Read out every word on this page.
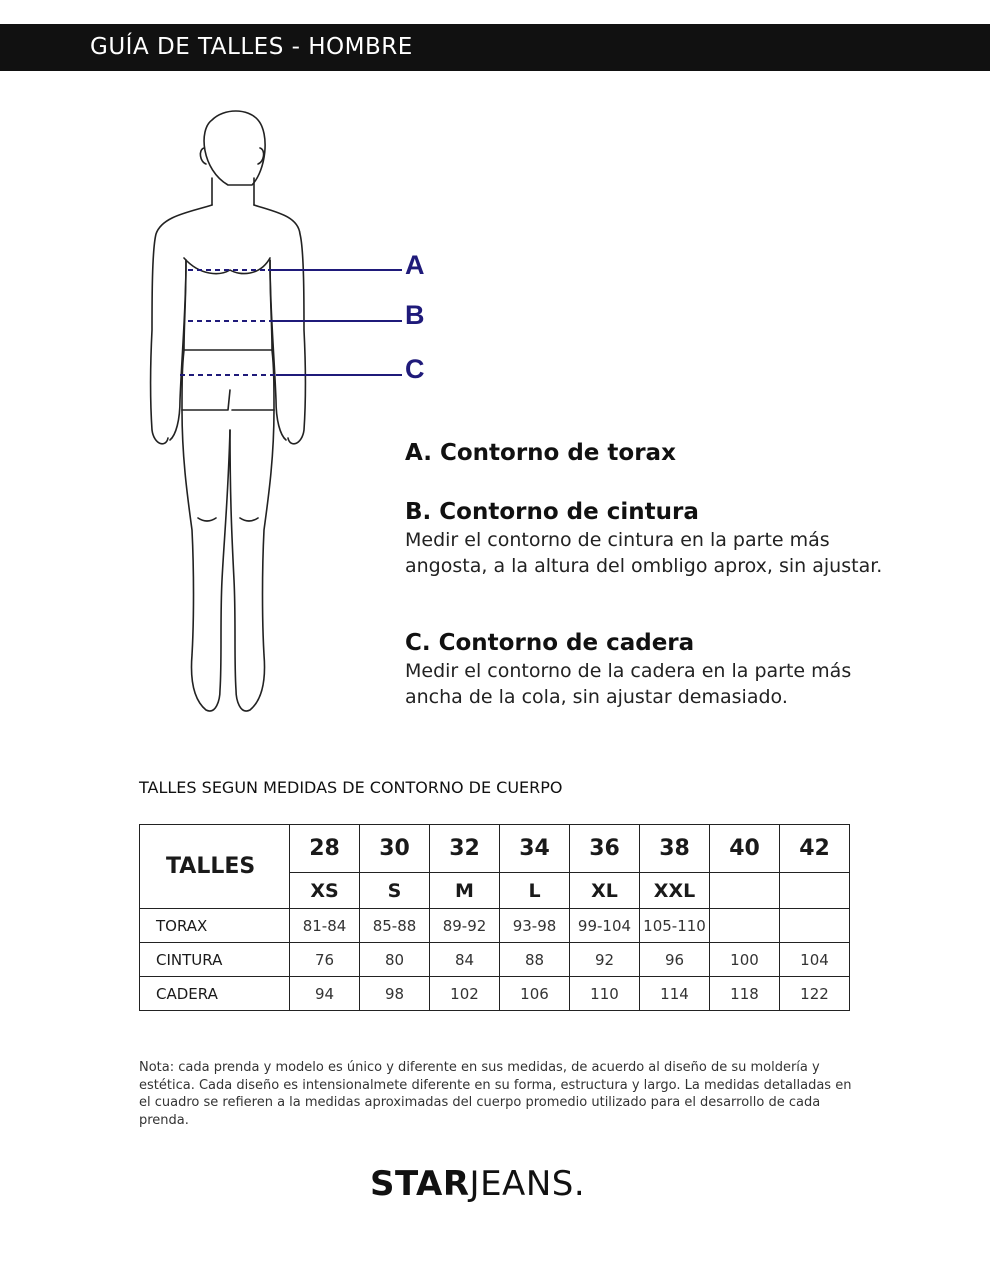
GUÍA DE TALLES - HOMBRE
A
B
C
A. Contorno de torax
B. Contorno de cintura

Medir el contorno de cintura en la parte más angosta, a la altura del ombligo aprox, sin ajustar.

C. Contorno de cadera

Medir el contorno de la cadera en la parte más ancha de la cola, sin ajustar demasiado.

TALLES SEGUN MEDIDAS DE CONTORNO DE CUERPO
TALLES	28	30	32	34	36	38	40	42
	XS	S	M	L	XL	XXL		
TORAX	81-84	85-88	89-92	93-98	99-104	105-110		
CINTURA	76	80	84	88	92	96	100	104
CADERA	94	98	102	106	110	114	118	122

Nota: cada prenda y modelo es único y diferente en sus medidas, de acuerdo al diseño de su moldería y estética. Cada diseño es intensionalmete diferente en su forma, estructura y largo. La medidas detalladas en el cuadro se refieren a la medidas aproximadas del cuerpo promedio utilizado para el desarrollo de cada prenda.

STARJEANS.
